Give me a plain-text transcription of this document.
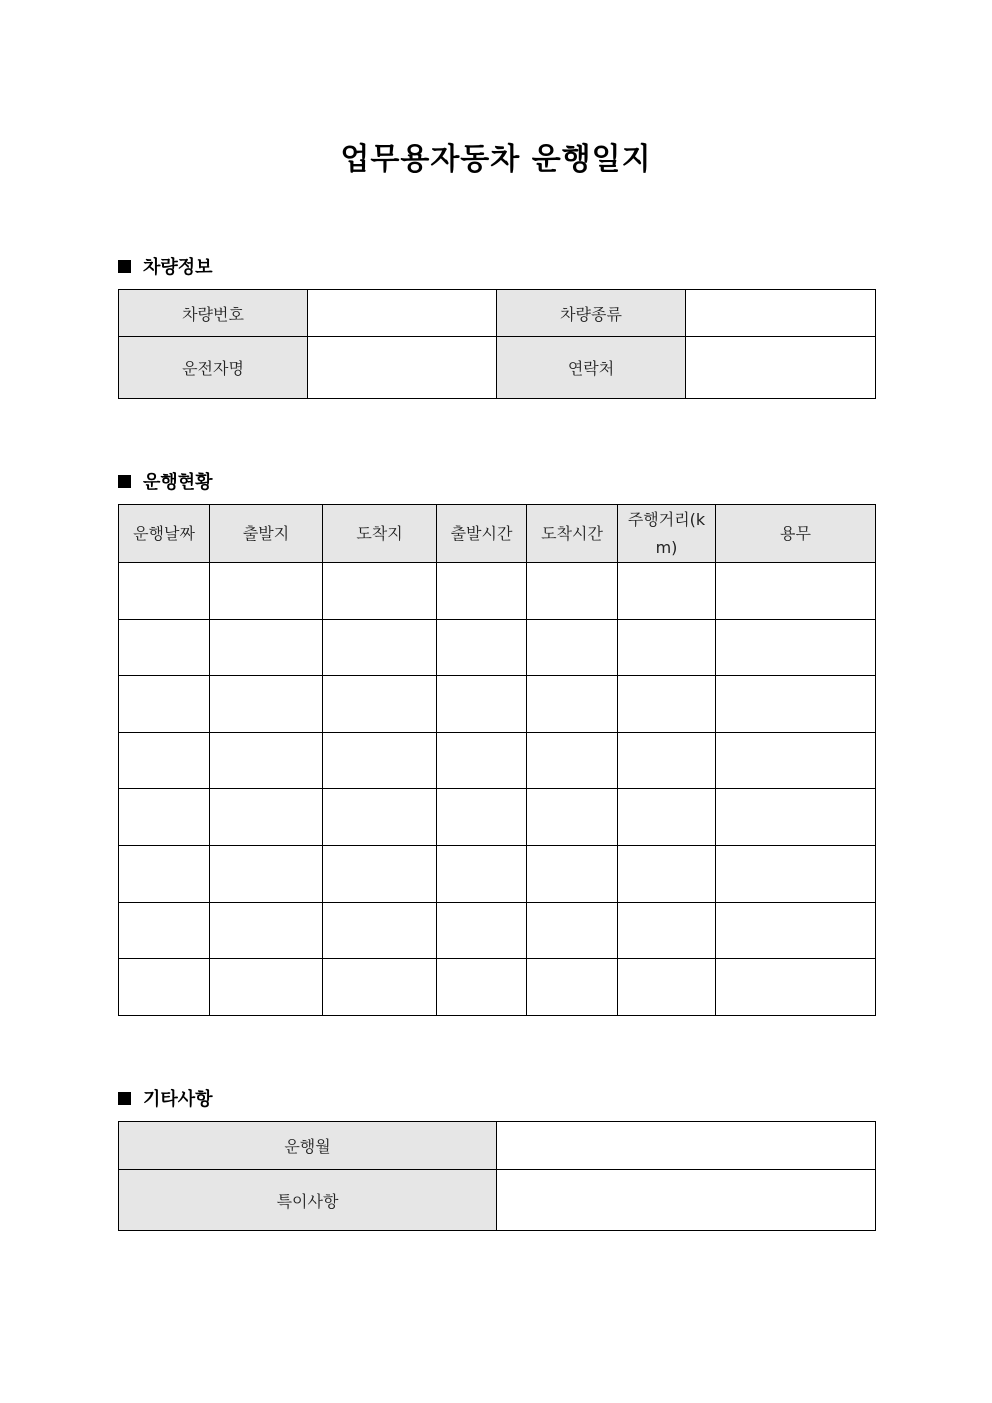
업무용자동차 운행일지
차량정보
차량번호		차량종류	
운전자명		연락처	
운행현황
운행날짜	출발지	도착지	출발시간	도착시간	주행거리(km)	용무

기타사항
운행월	
특이사항	
